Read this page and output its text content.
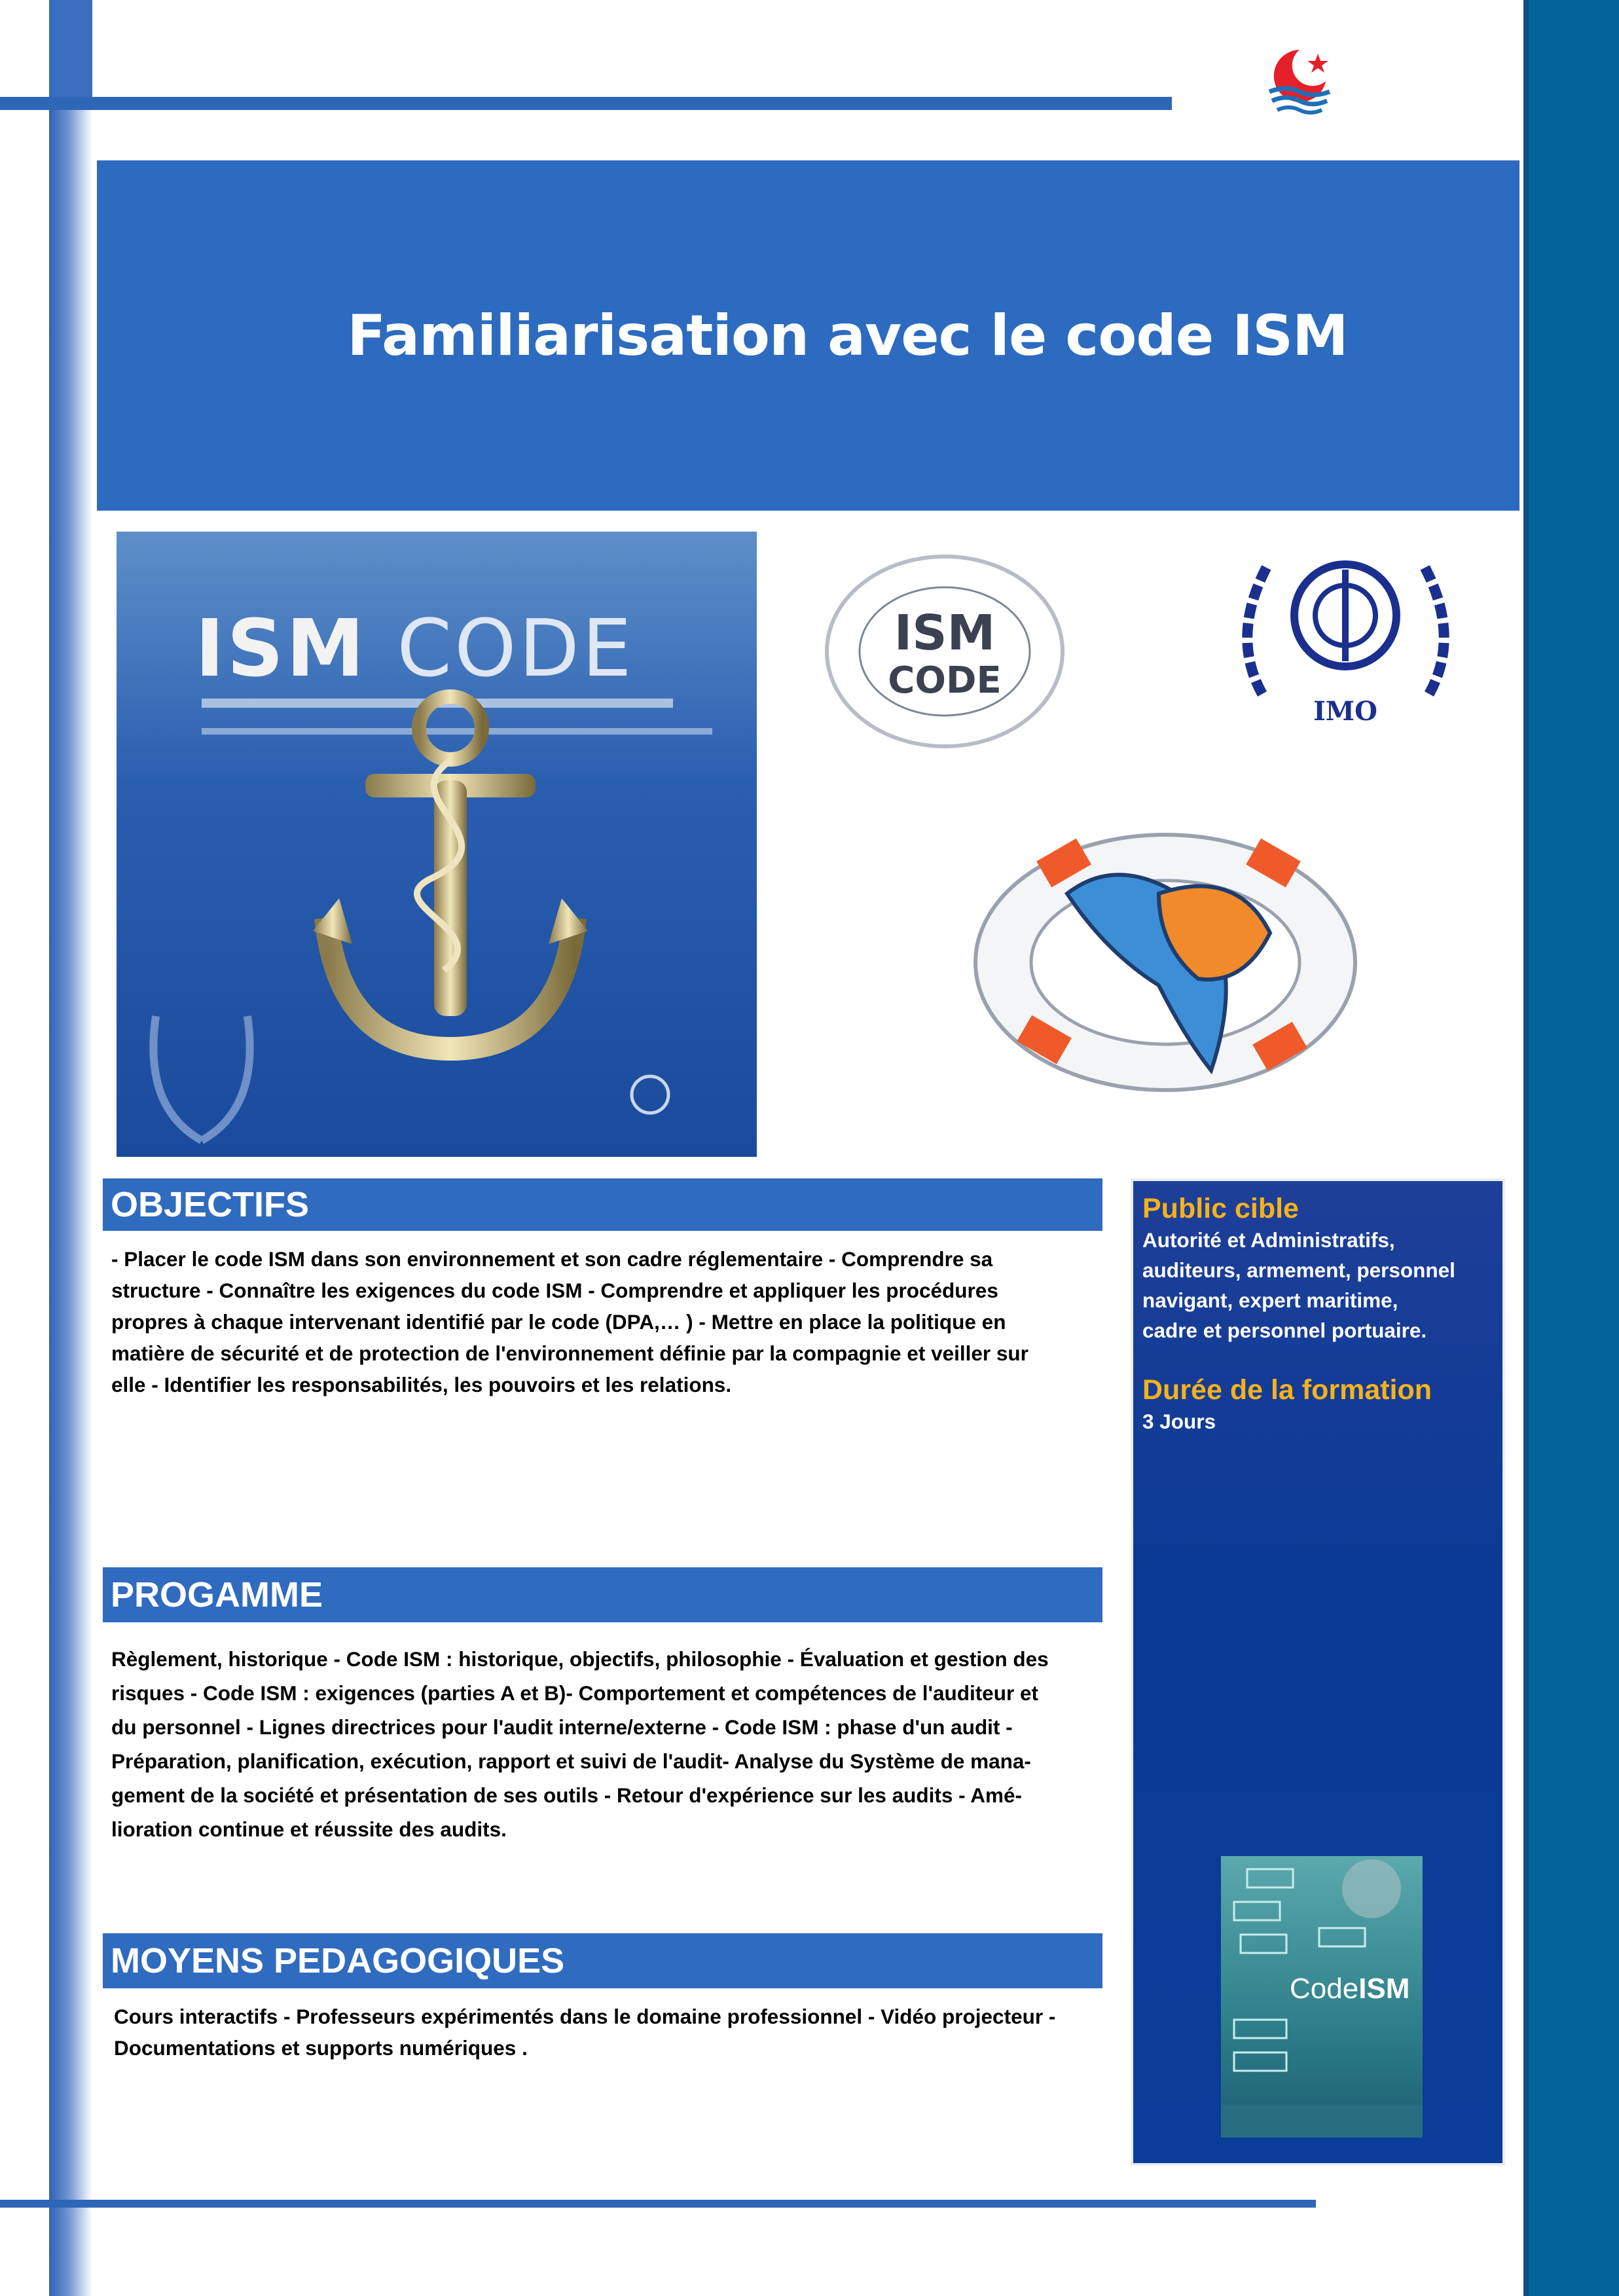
Familiarisation avec le code ISM
ISM CODE	ISM
CODE
IMO
OBJECTIFS
- Placer le code ISM dans son environnement et son cadre réglementaire - Comprendre sa
structure - Connaître les exigences du code ISM - Comprendre et appliquer les procédures
propres à chaque intervenant identifié par le code (DPA,… ) - Mettre en place la politique en
matière de sécurité et de protection de l'environnement définie par la compagnie et veiller sur
elle - Identifier les responsabilités, les pouvoirs et les relations.
PROGAMME
Règlement, historique - Code ISM : historique, objectifs, philosophie - Évaluation et gestion des
risques - Code ISM : exigences (parties A et B)- Comportement et compétences de l'auditeur et
du personnel - Lignes directrices pour l'audit interne/externe - Code ISM : phase d'un audit -
Préparation, planification, exécution, rapport et suivi de l'audit- Analyse du Système de mana-
gement de la société et présentation de ses outils - Retour d'expérience sur les audits - Amé-
lioration continue et réussite des audits.
MOYENS PEDAGOGIQUES
Cours interactifs - Professeurs expérimentés dans le domaine professionnel - Vidéo projecteur -
Documentations et supports numériques .
Public cible
Autorité et Administratifs,
auditeurs, armement, personnel
navigant, expert maritime,
cadre et personnel portuaire.
Durée de la formation
3 Jours
CodeISM
